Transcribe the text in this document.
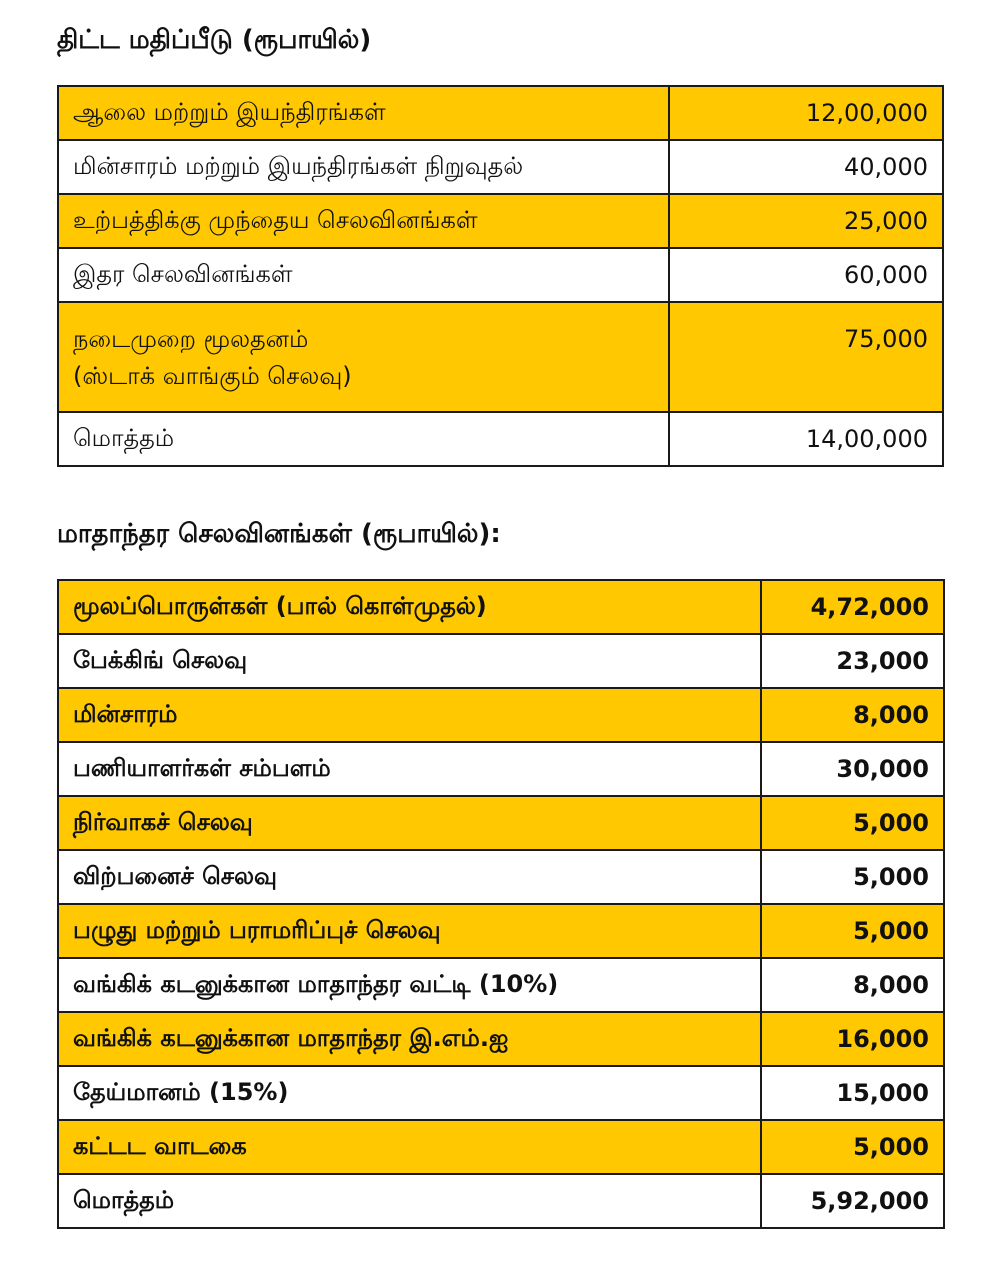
திட்ட மதிப்பீடு (ரூபாயில்)
ஆலை மற்றும் இயந்திரங்கள்	12,00,000
மின்சாரம் மற்றும் இயந்திரங்கள் நிறுவுதல்	40,000
உற்பத்திக்கு முந்தைய செலவினங்கள்	25,000
இதர செலவினங்கள்	60,000

நடைமுறை மூலதனம்
(ஸ்டாக் வாங்கும் செலவு)	75,000
மொத்தம்	14,00,000
மாதாந்தர செலவினங்கள் (ரூபாயில்):
மூலப்பொருள்கள் (பால் கொள்முதல்)	4,72,000
பேக்கிங் செலவு	23,000
மின்சாரம்	8,000
பணியாளர்கள் சம்பளம்	30,000
நிர்வாகச் செலவு	5,000
விற்பனைச் செலவு	5,000
பழுது மற்றும் பராமரிப்புச் செலவு	5,000
வங்கிக் கடனுக்கான மாதாந்தர வட்டி (10%)	8,000
வங்கிக் கடனுக்கான மாதாந்தர இ.எம்.ஐ	16,000
தேய்மானம் (15%)	15,000
கட்டட வாடகை	5,000
மொத்தம்	5,92,000
